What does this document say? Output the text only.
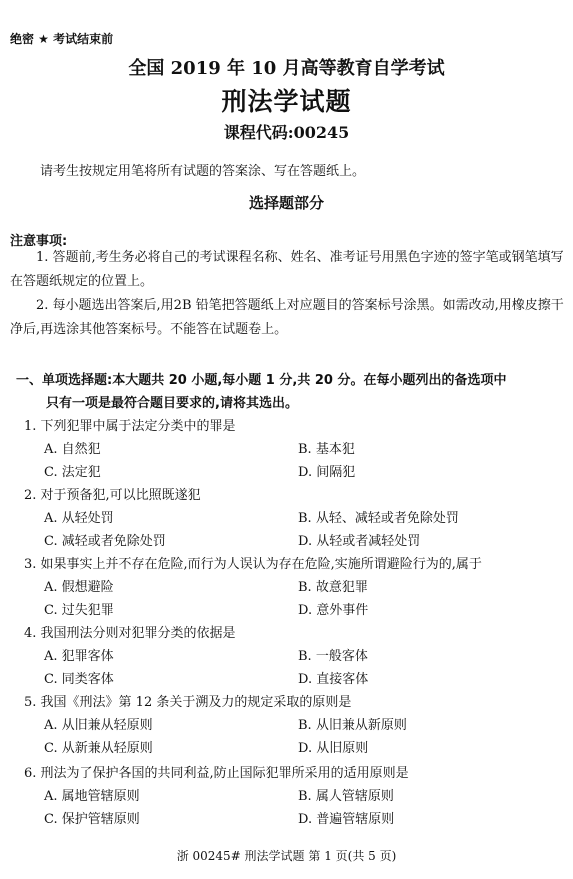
绝密 ★ 考试结束前
全国 2019 年 10 月高等教育自学考试
刑法学试题
课程代码:00245
请考生按规定用笔将所有试题的答案涂、写在答题纸上。
选择题部分
注意事项:
1. 答题前,考生务必将自己的考试课程名称、姓名、准考证号用黑色字迹的签字笔或钢笔填写在答题纸规定的位置上。
2. 每小题选出答案后,用2B 铅笔把答题纸上对应题目的答案标号涂黑。如需改动,用橡皮擦干净后,再选涂其他答案标号。不能答在试题卷上。
一、单项选择题:本大题共 20 小题,每小题 1 分,共 20 分。在每小题列出的备选项中
只有一项是最符合题目要求的,请将其选出。
1. 下列犯罪中属于法定分类中的罪是
A. 自然犯	B. 基本犯
C. 法定犯	D. 间隔犯
2. 对于预备犯,可以比照既遂犯
A. 从轻处罚	B. 从轻、减轻或者免除处罚
C. 减轻或者免除处罚	D. 从轻或者减轻处罚
3. 如果事实上并不存在危险,而行为人误认为存在危险,实施所谓避险行为的,属于
A. 假想避险	B. 故意犯罪
C. 过失犯罪	D. 意外事件
4. 我国刑法分则对犯罪分类的依据是
A. 犯罪客体	B. 一般客体
C. 同类客体	D. 直接客体
5. 我国《刑法》第 12 条关于溯及力的规定采取的原则是
A. 从旧兼从轻原则	B. 从旧兼从新原则
C. 从新兼从轻原则	D. 从旧原则
6. 刑法为了保护各国的共同利益,防止国际犯罪所采用的适用原则是
A. 属地管辖原则	B. 属人管辖原则
C. 保护管辖原则	D. 普遍管辖原则
浙 00245# 刑法学试题 第 1 页(共 5 页)
